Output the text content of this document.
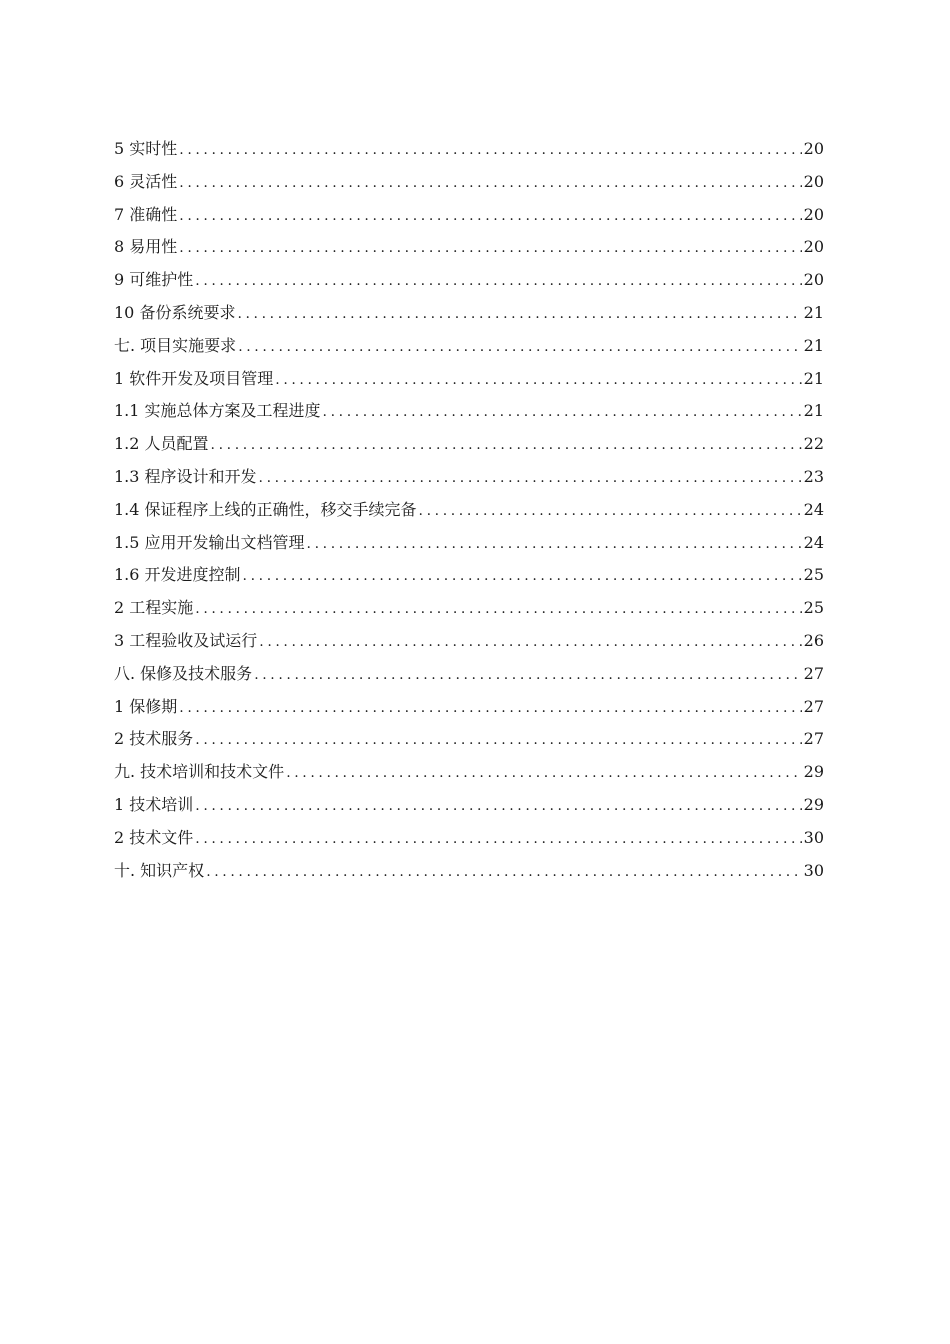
5 实时性 .....	20
6 灵活性 .....	20
7 准确性 .....	20
8 易用性 .....	20
9 可维护性 .....	20
10 备份系统要求 .....	21
七. 项目实施要求 .....	21
1 软件开发及项目管理 .....	21
1.1 实施总体方案及工程进度 .....	21
1.2 人员配置 .....	22
1.3 程序设计和开发 .....	23
1.4 保证程序上线的正确性，移交手续完备 .....	24
1.5 应用开发输出文档管理 .....	24
1.6 开发进度控制 .....	25
2 工程实施 .....	25
3 工程验收及试运行 .....	26
八. 保修及技术服务 .....	27
1 保修期 .....	27
2 技术服务 .....	27
九. 技术培训和技术文件 .....	29
1 技术培训 .....	29
2 技术文件 .....	30
十. 知识产权 .....	30
